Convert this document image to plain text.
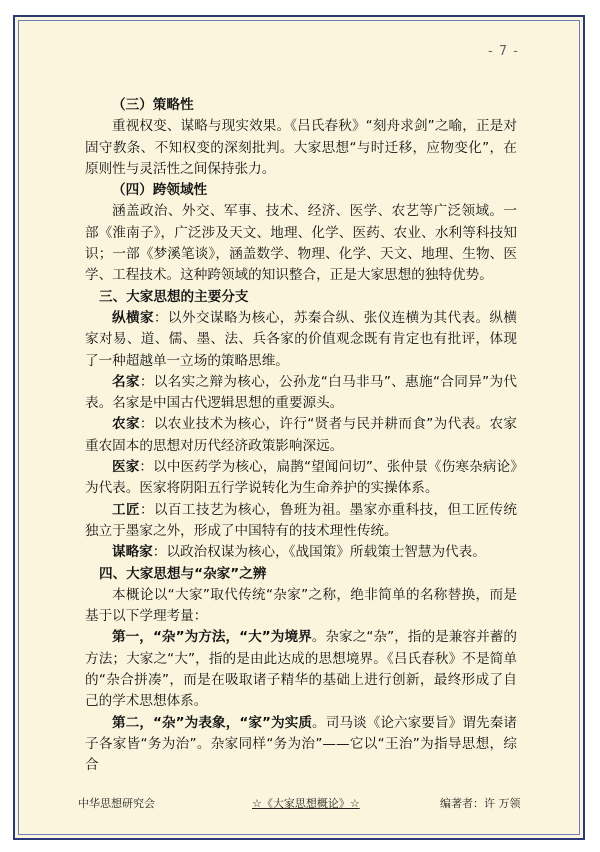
- 7 -

（三）策略性

重视权变、谋略与现实效果。《吕氏春秋》“刻舟求剑”之喻，正是对固守教条、不知权变的深刻批判。大家思想“与时迁移，应物变化”，在原则性与灵活性之间保持张力。

（四）跨领域性

涵盖政治、外交、军事、技术、经济、医学、农艺等广泛领域。一部《淮南子》，广泛涉及天文、地理、化学、医药、农业、水利等科技知识；一部《梦溪笔谈》，涵盖数学、物理、化学、天文、地理、生物、医学、工程技术。这种跨领域的知识整合，正是大家思想的独特优势。

三、大家思想的主要分支

纵横家：以外交谋略为核心，苏秦合纵、张仪连横为其代表。纵横家对易、道、儒、墨、法、兵各家的价值观念既有肯定也有批评，体现了一种超越单一立场的策略思维。

名家：以名实之辩为核心，公孙龙“白马非马”、惠施“合同异”为代表。名家是中国古代逻辑思想的重要源头。

农家：以农业技术为核心，许行“贤者与民并耕而食”为代表。农家重农固本的思想对历代经济政策影响深远。

医家：以中医药学为核心，扁鹊“望闻问切”、张仲景《伤寒杂病论》为代表。医家将阴阳五行学说转化为生命养护的实操体系。

工匠：以百工技艺为核心，鲁班为祖。墨家亦重科技，但工匠传统独立于墨家之外，形成了中国特有的技术理性传统。

谋略家：以政治权谋为核心，《战国策》所载策士智慧为代表。

四、大家思想与“杂家”之辨

本概论以“大家”取代传统“杂家”之称，绝非简单的名称替换，而是基于以下学理考量：

第一，“杂”为方法，“大”为境界。杂家之“杂”，指的是兼容并蓄的方法；大家之“大”，指的是由此达成的思想境界。《吕氏春秋》不是简单的“杂合拼凑”，而是在吸取诸子精华的基础上进行创新，最终形成了自己的学术思想体系。

第二，“杂”为表象，“家”为实质。司马谈《论六家要旨》谓先秦诸子各家皆“务为治”。杂家同样“务为治”——它以“王治”为指导思想，综合

中华思想研究会	☆《大家思想概论》☆	编著者：许 万领
